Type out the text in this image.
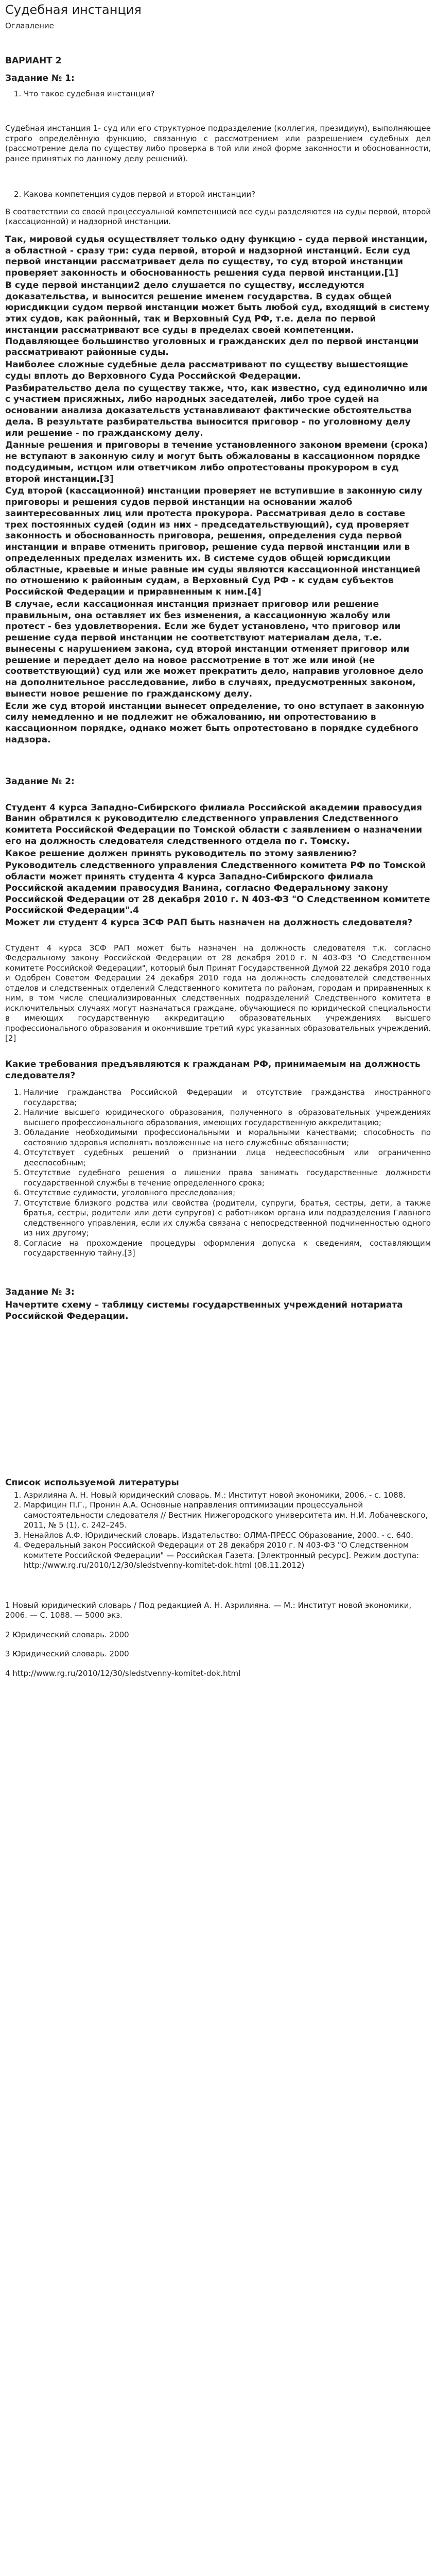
Судебная инстанция
Оглавление
ВАРИАНТ 2
Задание № 1:
1. Что такое судебная инстанция?

Судебная инстанция 1- суд или его структурное подразделение (коллегия, президиум), выполняющее строго определённую функцию, связанную с рассмотрением или разрешением судебных дел (рассмотрение дела по существу либо проверка в той или иной форме законности и обоснованности, ранее принятых по данному делу решений).

2. Какова компетенция судов первой и второй инстанции?

В соответствии со своей процессуальной компетенцией все суды разделяются на суды первой, второй (кассационной) и надзорной инстанции.

Так, мировой судья осуществляет только одну функцию - суда первой инстанции, а областной - сразу три: суда первой, второй и надзорной инстанций. Если суд первой инстанции рассматривает дела по существу, то суд второй инстанции проверяет законность и обоснованность решения суда первой инстанции.[1]

В суде первой инстанции2 дело слушается по существу, исследуются доказательства, и выносится решение именем государства. В судах общей юрисдикции судом первой инстанции может быть любой суд, входящий в систему этих судов, как районный, так и Верховный Суд РФ, т.е. дела по первой инстанции рассматривают все суды в пределах своей компетенции. Подавляющее большинство уголовных и гражданских дел по первой инстанции рассматривают районные суды.

Наиболее сложные судебные дела рассматривают по существу вышестоящие суды вплоть до Верховного Суда Российской Федерации.

Разбирательство дела по существу также, что, как известно, суд единолично или с участием присяжных, либо народных заседателей, либо трое судей на основании анализа доказательств устанавливают фактические обстоятельства дела. В результате разбирательства выносится приговор - по уголовному делу или решение - по гражданскому делу.

Данные решения и приговоры в течение установленного законом времени (срока) не вступают в законную силу и могут быть обжалованы в кассационном порядке подсудимым, истцом или ответчиком либо опротестованы прокурором в суд второй инстанции.[3]

Суд второй (кассационной) инстанции проверяет не вступившие в законную силу приговоры и решения судов первой инстанции на основании жалоб заинтересованных лиц или протеста прокурора. Рассматривая дело в составе трех постоянных судей (один из них - председательствующий), суд проверяет законность и обоснованность приговора, решения, определения суда первой инстанции и вправе отменить приговор, решение суда первой инстанции или в определенных пределах изменить их. В системе судов общей юрисдикции областные, краевые и иные равные им суды являются кассационной инстанцией по отношению к районным судам, а Верховный Суд РФ - к судам субъектов Российской Федерации и приравненным к ним.[4]

В случае, если кассационная инстанция признает приговор или решение правильным, она оставляет их без изменения, а кассационную жалобу или протест - без удовлетворения. Если же будет установлено, что приговор или решение суда первой инстанции не соответствуют материалам дела, т.е. вынесены с нарушением закона, суд второй инстанции отменяет приговор или решение и передает дело на новое рассмотрение в тот же или иной (не соответствующий) суд или же может прекратить дело, направив уголовное дело на дополнительное расследование, либо в случаях, предусмотренных законом, вынести новое решение по гражданскому делу.

Если же суд второй инстанции вынесет определение, то оно вступает в законную силу немедленно и не подлежит не обжалованию, ни опротестованию в кассационном порядке, однако может быть опротестовано в порядке судебного надзора.

Задание № 2:

Студент 4 курса Западно-Сибирского филиала Российской академии правосудия Ванин обратился к руководителю следственного управления Следственного комитета Российской Федерации по Томской области с заявлением о назначении его на должность следователя следственного отдела по г. Томску.

Какое решение должен принять руководитель по этому заявлению?

Руководитель следственного управления Следственного комитета РФ по Томской области может принять студента 4 курса Западно-Сибирского филиала Российской академии правосудия Ванина, согласно Федеральному закону Российской Федерации от 28 декабря 2010 г. N 403-ФЗ "О Следственном комитете Российской Федерации".4

Может ли студент 4 курса ЗСФ РАП быть назначен на должность следователя?

Студент 4 курса ЗСФ РАП может быть назначен на должность следователя т.к. согласно Федеральному закону Российской Федерации от 28 декабря 2010 г. N 403-ФЗ "О Следственном комитете Российской Федерации", который был Принят Государственной Думой 22 декабря 2010 года и Одобрен Советом Федерации 24 декабря 2010 года на должность следователей следственных отделов и следственных отделений Следственного комитета по районам, городам и приравненных к ним, в том числе специализированных следственных подразделений Следственного комитета в исключительных случаях могут назначаться граждане, обучающиеся по юридической специальности в имеющих государственную аккредитацию образовательных учреждениях высшего профессионального образования и окончившие третий курс указанных образовательных учреждений.[2]

Какие требования предъявляются к гражданам РФ, принимаемым на должность следователя?

1. Наличие гражданства Российской Федерации и отсутствие гражданства иностранного государства;
2. Наличие высшего юридического образования, полученного в образовательных учреждениях высшего профессионального образования, имеющих государственную аккредитацию;
3. Обладание необходимыми профессиональными и моральными качествами; способность по состоянию здоровья исполнять возложенные на него служебные обязанности;
4. Отсутствует судебных решений о признании лица недееспособным или ограниченно дееспособным;
5. Отсутствие судебного решения о лишении права занимать государственные должности государственной службы в течение определенного срока;
6. Отсутствие судимости, уголовного преследования;
7. Отсутствие близкого родства или свойства (родители, супруги, братья, сестры, дети, а также братья, сестры, родители или дети супругов) с работником органа или подразделения Главного следственного управления, если их служба связана с непосредственной подчиненностью одного из них другому;
8. Согласие на прохождение процедуры оформления допуска к сведениям, составляющим государственную тайну.[3]
Задание № 3:

Начертите схему – таблицу системы государственных учреждений нотариата Российской Федерации.

Список используемой литературы
1. Азрилияна А. Н. Новый юридический словарь. М.: Институт новой экономики, 2006. - с. 1088.
2. Марфицин П.Г., Пронин А.А. Основные направления оптимизации процессуальной самостоятельности следователя // Вестник Нижегородского университета им. Н.И. Лобачевского, 2011, № 5 (1), с. 242–245.
3. Ненайлов А.Ф. Юридический словарь. Издательство: ОЛМА-ПРЕСС Образование, 2000. - с. 640.
4. Федеральный закон Российской Федерации от 28 декабря 2010 г. N 403-ФЗ "О Следственном комитете Российской Федерации" — Российская Газета. [Электронный ресурс]. Режим доступа: http://www.rg.ru/2010/12/30/sledstvenny-komitet-dok.html (08.11.2012)

1 Новый юридический словарь / Под редакцией А. Н. Азрилияна. — М.: Институт новой экономики, 2006. — С. 1088. — 5000 экз.

2 Юридический словарь. 2000

3 Юридический словарь. 2000

4 http://www.rg.ru/2010/12/30/sledstvenny-komitet-dok.html
